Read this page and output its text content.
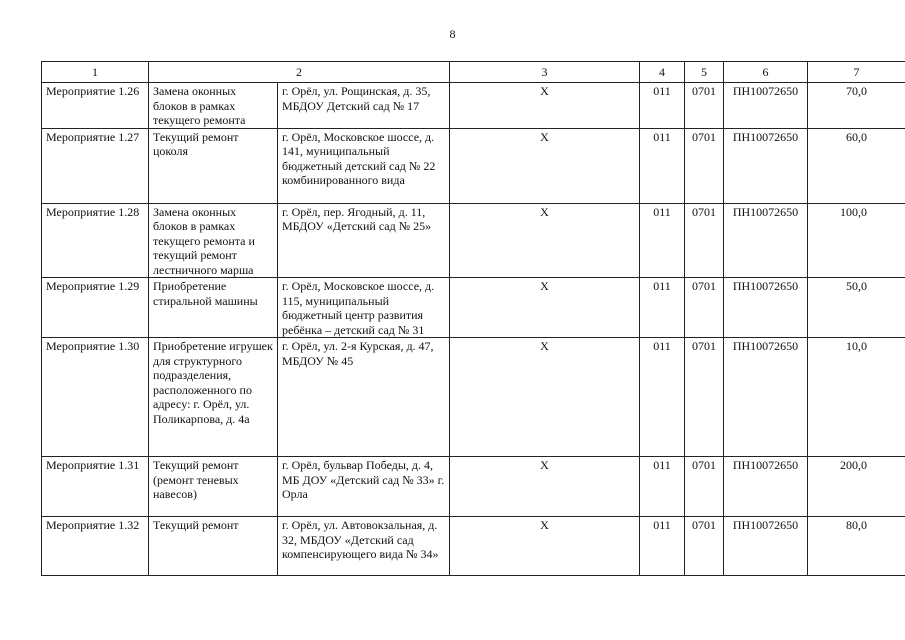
8
1	2		3	4	5	6	7
Мероприятие 1.26	Замена оконных блоков в рамках текущего ремонта	г. Орёл, ул. Рощинская, д. 35, МБДОУ Детский сад № 17	Х	011	0701	ПН10072650	70,0
Мероприятие 1.27	Текущий ремонт цоколя	г. Орёл, Московское шоссе, д. 141, муниципальный бюджетный детский сад № 22 комбинированного вида	Х	011	0701	ПН10072650	60,0
Мероприятие 1.28	Замена оконных блоков в рамках текущего ремонта и текущий ремонт лестничного марша	г. Орёл, пер. Ягодный, д. 11, МБДОУ «Детский сад № 25»	Х	011	0701	ПН10072650	100,0
Мероприятие 1.29	Приобретение стиральной машины	г. Орёл, Московское шоссе, д. 115, муниципальный бюджетный центр развития ребёнка – детский сад № 31	Х	011	0701	ПН10072650	50,0
Мероприятие 1.30	Приобретение игрушек для структурного подразделения, расположенного по адресу: г. Орёл, ул. Поликарпова, д. 4а	г. Орёл, ул. 2-я Курская, д. 47, МБДОУ № 45	Х	011	0701	ПН10072650	10,0
Мероприятие 1.31	Текущий ремонт (ремонт теневых навесов)	г. Орёл, бульвар Победы, д. 4, МБ ДОУ «Детский сад № 33» г. Орла	Х	011	0701	ПН10072650	200,0
Мероприятие 1.32	Текущий ремонт	г. Орёл, ул. Автовокзальная, д. 32, МБДОУ «Детский сад компенсирующего вида № 34»	Х	011	0701	ПН10072650	80,0
